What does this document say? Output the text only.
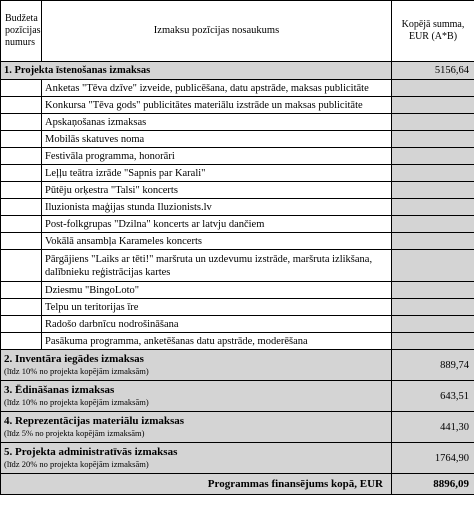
Budžeta pozīcijas numurs	Izmaksu pozīcijas nosaukums	Kopējā summa, EUR (A*B)
1. Projekta īstenošanas izmaksas		5156,64
	Anketas "Tēva dzīve" izveide, publicēšana, datu apstrāde, maksas publicitāte	
	Konkursa "Tēva gods" publicitātes materiālu izstrāde un maksas publicitāte	
	Apskaņošanas izmaksas	
	Mobilās skatuves noma	
	Festivāla programma, honorāri	
	Leļļu teātra izrāde "Sapnis par Karali"	
	Pūtēju orķestra "Talsi" koncerts	
	Iluzionista maģijas stunda Iluzionists.lv	
	Post-folkgrupas "Dzilna" koncerts ar latvju dančiem	
	Vokālā ansambļa Karameles koncerts	
	Pārgājiens "Laiks ar tēti!" maršruta un uzdevumu izstrāde, maršruta izlikšana, dalībnieku reģistrācijas kartes	
	Dziesmu "BingoLoto"	
	Telpu un teritorijas īre	
	Radošo darbnīcu nodrošināšana	
	Pasākuma programma, anketēšanas datu apstrāde, moderēšana	

2. Inventāra iegādes izmaksas
(līdz 10% no projekta kopējām izmaksām)		889,74

3. Ēdināšanas izmaksas
(līdz 10% no projekta kopējām izmaksām)		643,51

4. Reprezentācijas materiālu izmaksas
(līdz 5% no projekta kopējām izmaksām)		441,30

5. Projekta administratīvās izmaksas
(līdz 20% no projekta kopējām izmaksām)		1764,90
Programmas finansējums kopā, EUR		8896,09
